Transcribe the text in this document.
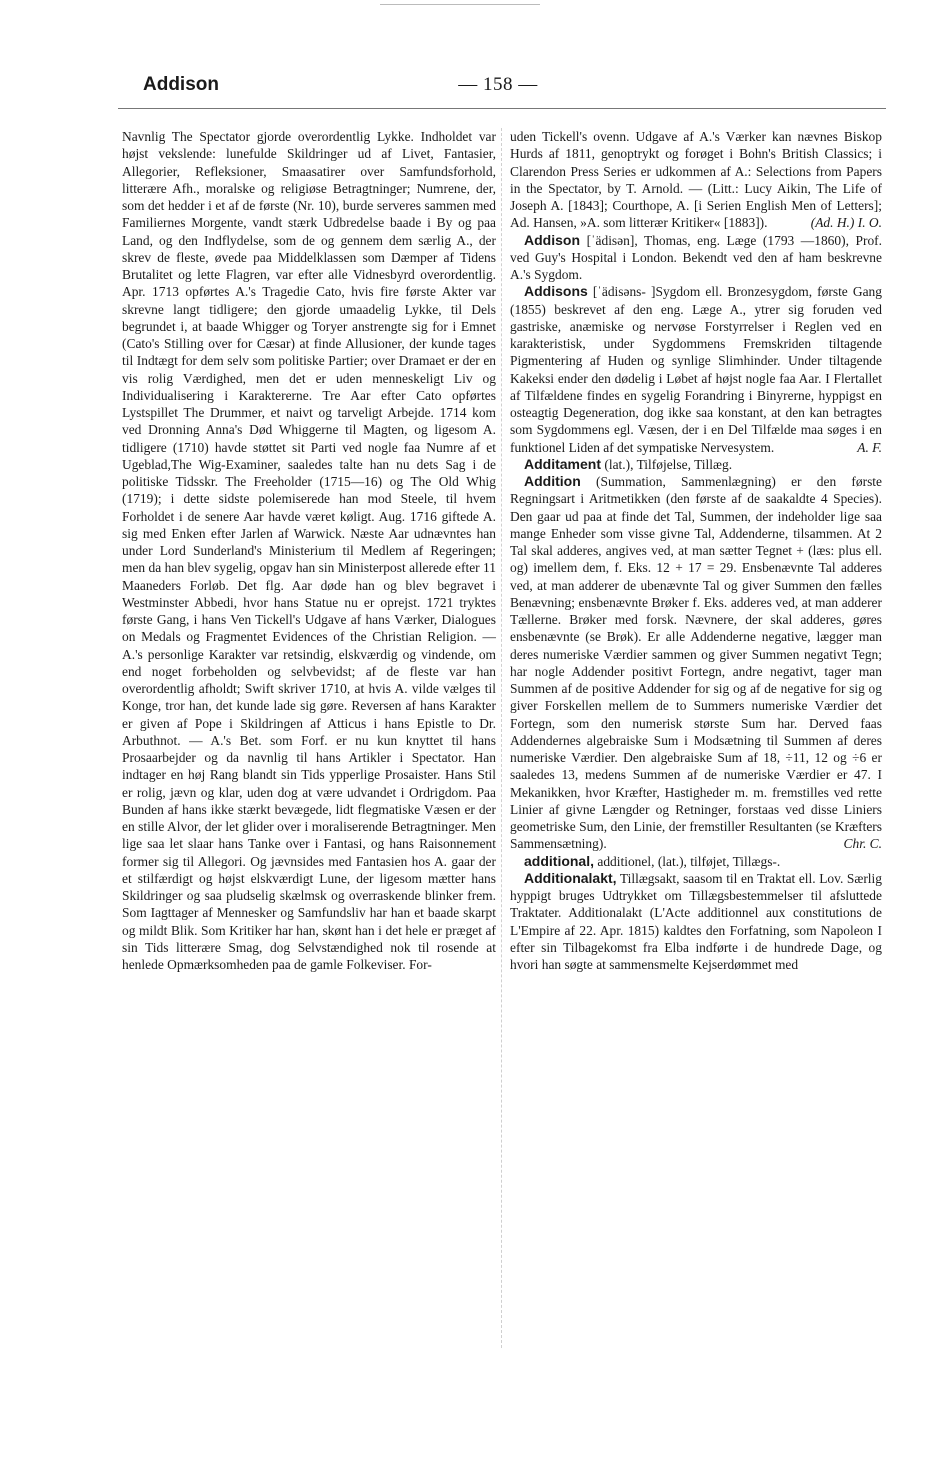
Addison	— 158 —

Navnlig The Spectator gjorde overordentlig Lykke. Indholdet var højst vekslende: lunefulde Skildringer ud af Livet, Fantasier, Allegorier, Refleksioner, Smaasatirer over Samfundsforhold, litterære Afh., moralske og religiøse Betragtninger; Numrene, der, som det hedder i et af de første (Nr. 10), burde serveres sammen med Familiernes Morgente, vandt stærk Udbredelse baade i By og paa Land, og den Indflydelse, som de og gennem dem særlig A., der skrev de fleste, øvede paa Middelklassen som Dæmper af Tidens Brutalitet og lette Flagren, var efter alle Vidnesbyrd overordentlig. Apr. 1713 opførtes A.'s Tragedie Cato, hvis fire første Akter var skrevne langt tidligere; den gjorde umaadelig Lykke, til Dels begrundet i, at baade Whigger og Toryer anstrengte sig for i Emnet (Cato's Stilling over for Cæsar) at finde Allusioner, der kunde tages til Indtægt for dem selv som politiske Partier; over Dramaet er der en vis rolig Værdighed, men det er uden menneskeligt Liv og Individualisering i Karaktererne. Tre Aar efter Cato opførtes Lystspillet The Drummer, et naivt og tarveligt Arbejde. 1714 kom ved Dronning Anna's Død Whiggerne til Magten, og ligesom A. tidligere (1710) havde støttet sit Parti ved nogle faa Numre af et Ugeblad,The Wig-Examiner, saaledes talte han nu dets Sag i de politiske Tidsskr. The Freeholder (1715—16) og The Old Whig (1719); i dette sidste polemiserede han mod Steele, til hvem Forholdet i de senere Aar havde været køligt. Aug. 1716 giftede A. sig med Enken efter Jarlen af Warwick. Næste Aar udnævntes han under Lord Sunderland's Ministerium til Medlem af Regeringen; men da han blev sygelig, opgav han sin Ministerpost allerede efter 11 Maaneders Forløb. Det flg. Aar døde han og blev begravet i Westminster Abbedi, hvor hans Statue nu er oprejst. 1721 tryktes første Gang, i hans Ven Tickell's Udgave af hans Værker, Dialogues on Medals og Fragmentet Evidences of the Christian Religion. — A.'s personlige Karakter var retsindig, elskværdig og vindende, om end noget forbeholden og selvbevidst; af de fleste var han overordentlig afholdt; Swift skriver 1710, at hvis A. vilde vælges til Konge, tror han, det kunde lade sig gøre. Reversen af hans Karakter er given af Pope i Skildringen af Atticus i hans Epistle to Dr. Arbuthnot. — A.'s Bet. som Forf. er nu kun knyttet til hans Prosaarbejder og da navnlig til hans Artikler i Spectator. Han indtager en høj Rang blandt sin Tids ypperlige Prosaister. Hans Stil er rolig, jævn og klar, uden dog at være udvandet i Ordrigdom. Paa Bunden af hans ikke stærkt bevægede, lidt flegmatiske Væsen er der en stille Alvor, der let glider over i moraliserende Betragtninger. Men lige saa let slaar hans Tanke over i Fantasi, og hans Raisonnement former sig til Allegori. Og jævnsides med Fantasien hos A. gaar der et stilfærdigt og højst elskværdigt Lune, der ligesom mætter hans Skildringer og saa pludselig skælmsk og overraskende blinker frem. Som Iagttager af Mennesker og Samfundsliv har han et baade skarpt og mildt Blik. Som Kritiker har han, skønt han i det hele er præget af sin Tids litterære Smag, dog Selvstændighed nok til rosende at henlede Opmærksomheden paa de gamle Folkeviser. For-

uden Tickell's ovenn. Udgave af A.'s Værker kan nævnes Biskop Hurds af 1811, genoptrykt og forøget i Bohn's British Classics; i Clarendon Press Series er udkommen af A.: Selections from Papers in the Spectator, by T. Arnold. — (Litt.: Lucy Aikin, The Life of Joseph A. [1843]; Courthope, A. [i Serien English Men of Letters]; Ad. Hansen, »A. som litterær Kritiker« [1883]).	(Ad. H.) I. O.

Addison [ˈädisən], Thomas, eng. Læge (1793 —1860), Prof. ved Guy's Hospital i London. Bekendt ved den af ham beskrevne A.'s Sygdom.

Addisons [ˈädisəns- ]Sygdom ell. Bronzesygdom, første Gang (1855) beskrevet af den eng. Læge A., ytrer sig foruden ved gastriske, anæmiske og nervøse Forstyrrelser i Reglen ved en karakteristisk, under Sygdommens Fremskriden tiltagende Pigmentering af Huden og synlige Slimhinder. Under tiltagende Kakeksi ender den dødelig i Løbet af højst nogle faa Aar. I Flertallet af Tilfældene findes en sygelig Forandring i Binyrerne, hyppigst en osteagtig Degeneration, dog ikke saa konstant, at den kan betragtes som Sygdommens egl. Væsen, der i en Del Tilfælde maa søges i en funktionel Liden af det sympatiske Nervesystem.	A. F.

Additament (lat.), Tilføjelse, Tillæg.

Addition (Summation, Sammenlægning) er den første Regningsart i Aritmetikken (den første af de saakaldte 4 Species). Den gaar ud paa at finde det Tal, Summen, der indeholder lige saa mange Enheder som visse givne Tal, Addenderne, tilsammen. At 2 Tal skal adderes, angives ved, at man sætter Tegnet + (læs: plus ell. og) imellem dem, f. Eks. 12 + 17 = 29. Ensbenævnte Tal adderes ved, at man adderer de ubenævnte Tal og giver Summen den fælles Benævning; ensbenævnte Brøker f. Eks. adderes ved, at man adderer Tællerne. Brøker med forsk. Nævnere, der skal adderes, gøres ensbenævnte (se Brøk). Er alle Addenderne negative, lægger man deres numeriske Værdier sammen og giver Summen negativt Tegn; har nogle Addender positivt Fortegn, andre negativt, tager man Summen af de positive Addender for sig og af de negative for sig og giver Forskellen mellem de to Summers numeriske Værdier det Fortegn, som den numerisk største Sum har. Derved faas Addendernes algebraiske Sum i Modsætning til Summen af deres numeriske Værdier. Den algebraiske Sum af 18, ÷11, 12 og ÷6 er saaledes 13, medens Summen af de numeriske Værdier er 47. I Mekanikken, hvor Kræfter, Hastigheder m. m. fremstilles ved rette Linier af givne Længder og Retninger, forstaas ved disse Liniers geometriske Sum, den Linie, der fremstiller Resultanten (se Kræfters Sammensætning).	Chr. C.

additional, additionel, (lat.), tilføjet, Tillægs-.

Additionalakt, Tillægsakt, saasom til en Traktat ell. Lov. Særlig hyppigt bruges Udtrykket om Tillægsbestemmelser til afsluttede Traktater. Additionalakt (L'Acte additionnel aux constitutions de L'Empire af 22. Apr. 1815) kaldtes den Forfatning, som Napoleon I efter sin Tilbagekomst fra Elba indførte i de hundrede Dage, og hvori han søgte at sammensmelte Kejserdømmet med
